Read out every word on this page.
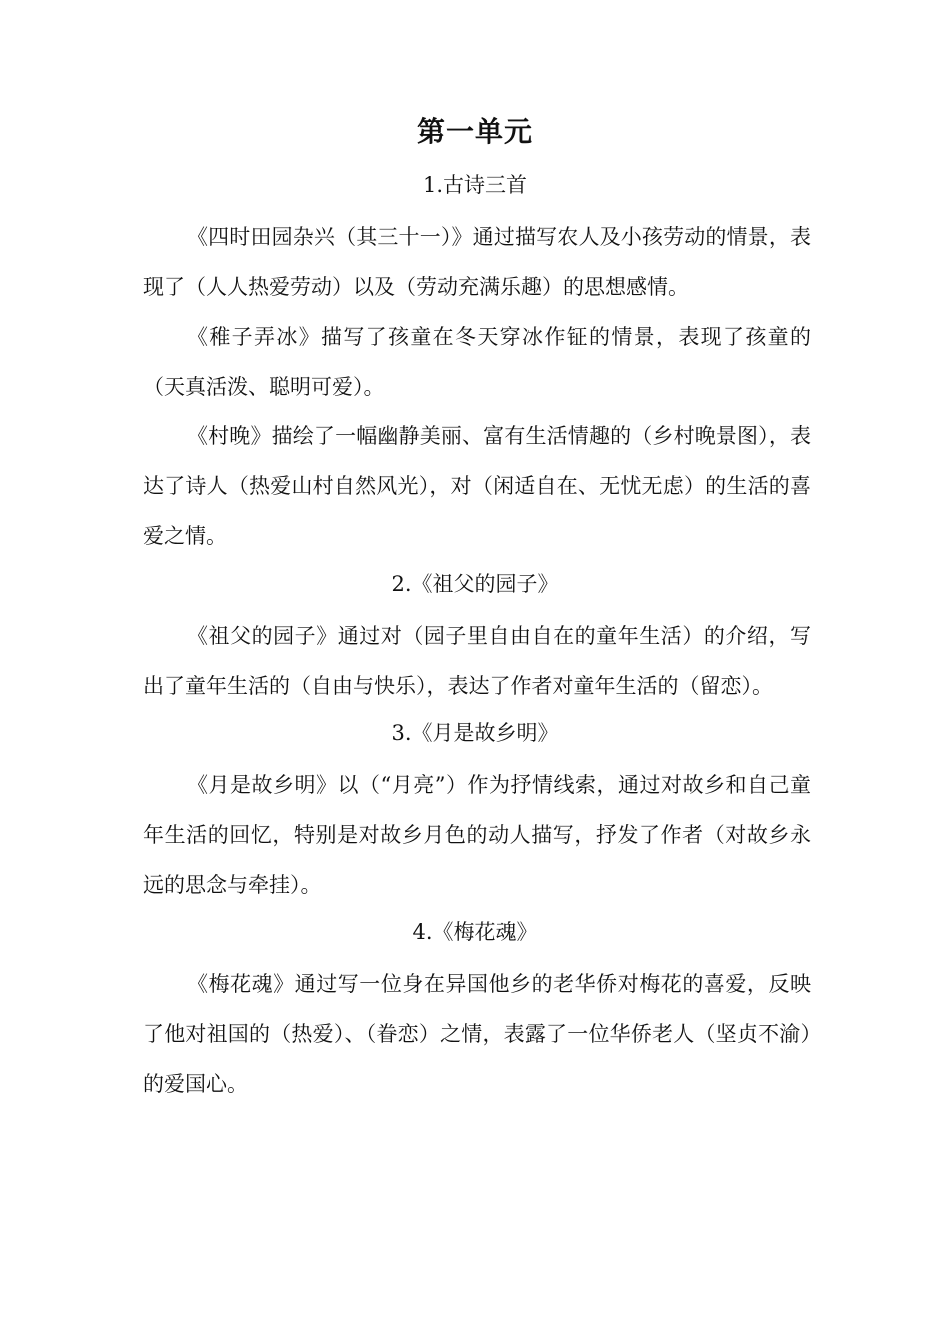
第一单元
1.古诗三首
《四时田园杂兴（其三十一）》通过描写农人及小孩劳动的情景，表现了（人人热爱劳动）以及（劳动充满乐趣）的思想感情。
《稚子弄冰》描写了孩童在冬天穿冰作钲的情景，表现了孩童的（天真活泼、聪明可爱）。
《村晚》描绘了一幅幽静美丽、富有生活情趣的（乡村晚景图），表达了诗人（热爱山村自然风光），对（闲适自在、无忧无虑）的生活的喜爱之情。
2.《祖父的园子》
《祖父的园子》通过对（园子里自由自在的童年生活）的介绍，写出了童年生活的（自由与快乐），表达了作者对童年生活的（留恋）。
3.《月是故乡明》
《月是故乡明》以（“月亮”）作为抒情线索，通过对故乡和自己童年生活的回忆，特别是对故乡月色的动人描写，抒发了作者（对故乡永远的思念与牵挂）。
4.《梅花魂》
《梅花魂》通过写一位身在异国他乡的老华侨对梅花的喜爱，反映了他对祖国的（热爱）、（眷恋）之情，表露了一位华侨老人（坚贞不渝）的爱国心。
